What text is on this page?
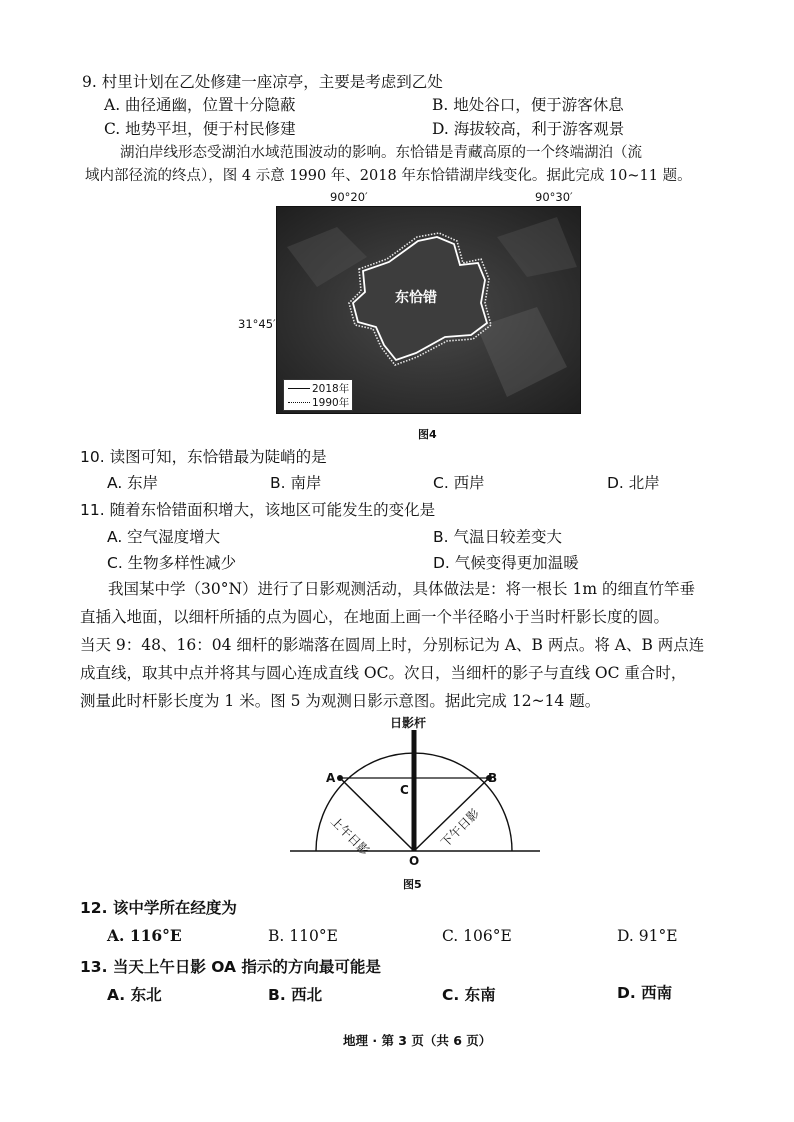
9. 村里计划在乙处修建一座凉亭，主要是考虑到乙处
A. 曲径通幽，位置十分隐蔽	B. 地处谷口，便于游客休息
C. 地势平坦，便于村民修建	D. 海拔较高，利于游客观景
湖泊岸线形态受湖泊水域范围波动的影响。东恰错是青藏高原的一个终端湖泊（流
域内部径流的终点），图 4 示意 1990 年、2018 年东恰错湖岸线变化。据此完成 10~11 题。
90°20′	90°30′
31°45′
东恰错
2018年
1990年
图4
10. 读图可知，东恰错最为陡峭的是
A. 东岸	B. 南岸	C. 西岸	D. 北岸
11. 随着东恰错面积增大，该地区可能发生的变化是
A. 空气湿度增大	B. 气温日较差变大
C. 生物多样性减少	D. 气候变得更加温暖
我国某中学（30°N）进行了日影观测活动，具体做法是：将一根长 1m 的细直竹竿垂
直插入地面，以细杆所插的点为圆心，在地面上画一个半径略小于当时杆影长度的圆。
当天 9：48、16：04 细杆的影端落在圆周上时，分别标记为 A、B 两点。将 A、B 两点连
成直线，取其中点并将其与圆心连成直线 OC。次日，当细杆的影子与直线 OC 重合时，
测量此时杆影长度为 1 米。图 5 为观测日影示意图。据此完成 12~14 题。
日影杆
A	B
C
O
上午日影	下午日影
图5
12. 该中学所在经度为
A. 116°E	B. 110°E	C. 106°E	D. 91°E
13. 当天上午日影 OA 指示的方向最可能是
A. 东北	B. 西北	C. 东南	D. 西南
地理 · 第 3 页（共 6 页）
